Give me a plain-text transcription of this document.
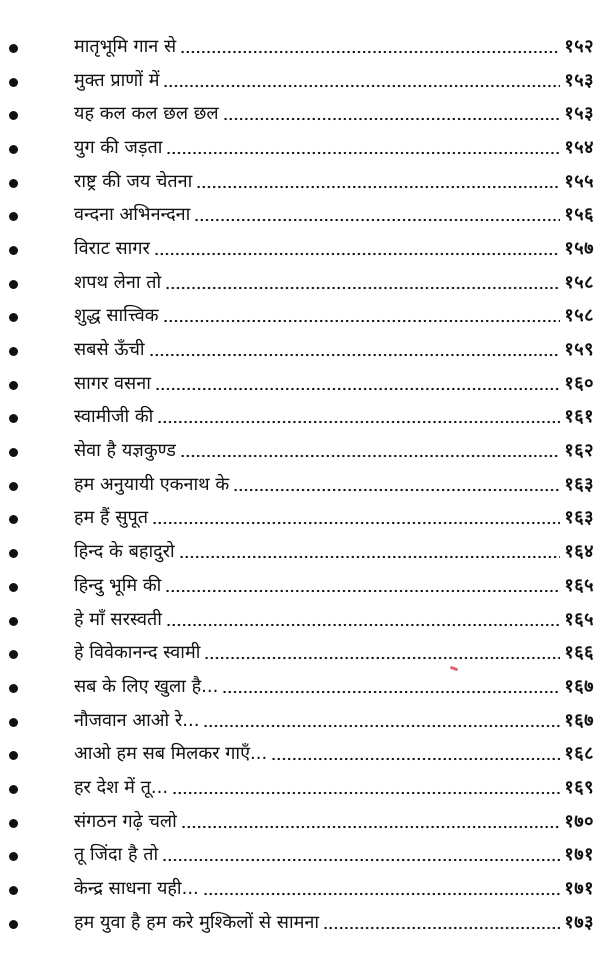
मातृभूमि गान से	१५२
मुक्त प्राणों में	१५३
यह कल कल छल छल	१५३
युग की जड़ता	१५४
राष्ट्र की जय चेतना	१५५
वन्दना अभिनन्दना	१५६
विराट सागर	१५७
शपथ लेना तो	१५८
शुद्ध सात्त्विक	१५८
सबसे ऊँची	१५९
सागर वसना	१६०
स्वामीजी की	१६१
सेवा है यज्ञकुण्ड	१६२
हम अनुयायी एकनाथ के	१६३
हम हैं सुपूत	१६३
हिन्द के बहादुरो	१६४
हिन्दु भूमि की	१६५
हे माँ सरस्वती	१६५
हे विवेकानन्द स्वामी	१६६
सब के लिए खुला है...	१६७
नौजवान आओ रे...	१६७
आओ हम सब मिलकर गाएँ...	१६८
हर देश में तू...	१६९
संगठन गढ़े चलो	१७०
तू जिंदा है तो	१७१
केन्द्र साधना यही...	१७१
हम युवा है हम करे मुश्किलों से सामना	१७३
